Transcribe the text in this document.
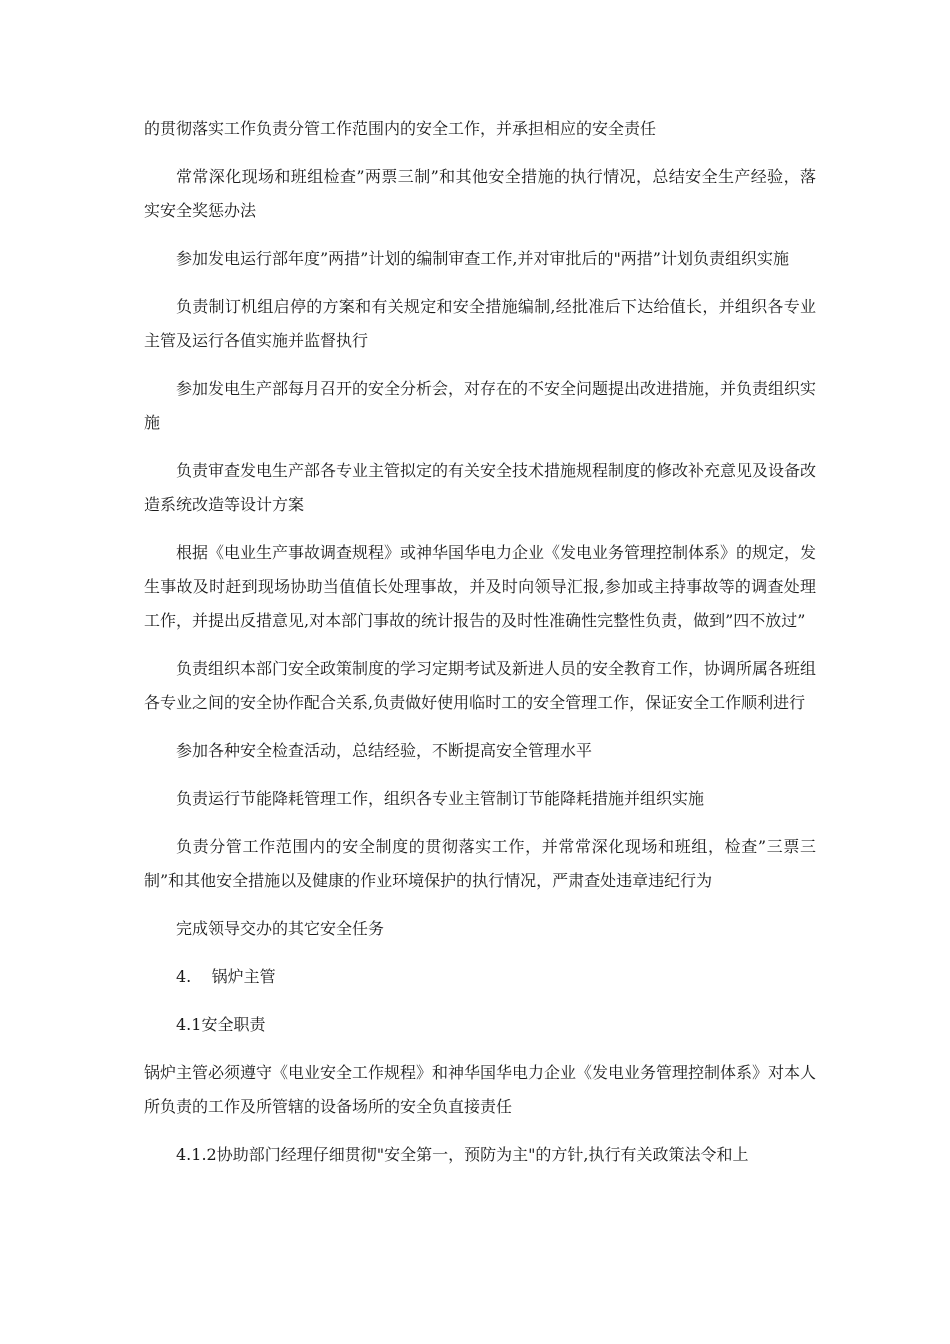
的贯彻落实工作负责分管工作范围内的安全工作，并承担相应的安全责任

常常深化现场和班组检查”两票三制”和其他安全措施的执行情况，总结安全生产经验，落实安全奖惩办法

参加发电运行部年度”两措”计划的编制审查工作,并对审批后的"两措”计划负责组织实施

负责制订机组启停的方案和有关规定和安全措施编制,经批准后下达给值长，并组织各专业主管及运行各值实施并监督执行

参加发电生产部每月召开的安全分析会，对存在的不安全问题提出改进措施，并负责组织实施

负责审查发电生产部各专业主管拟定的有关安全技术措施规程制度的修改补充意见及设备改造系统改造等设计方案

根据《电业生产事故调查规程》或神华国华电力企业《发电业务管理控制体系》的规定，发生事故及时赶到现场协助当值值长处理事故，并及时向领导汇报,参加或主持事故等的调查处理工作，并提出反措意见,对本部门事故的统计报告的及时性准确性完整性负责，做到”四不放过”

负责组织本部门安全政策制度的学习定期考试及新进人员的安全教育工作，协调所属各班组各专业之间的安全协作配合关系,负责做好使用临时工的安全管理工作，保证安全工作顺利进行

参加各种安全检查活动，总结经验，不断提高安全管理水平

负责运行节能降耗管理工作，组织各专业主管制订节能降耗措施并组织实施

负责分管工作范围内的安全制度的贯彻落实工作，并常常深化现场和班组，检查”三票三制”和其他安全措施以及健康的作业环境保护的执行情况，严肃查处违章违纪行为

完成领导交办的其它安全任务

4.    锅炉主管

4.1安全职责

锅炉主管必须遵守《电业安全工作规程》和神华国华电力企业《发电业务管理控制体系》对本人所负责的工作及所管辖的设备场所的安全负直接责任

4.1.2协助部门经理仔细贯彻"安全第一，预防为主"的方针,执行有关政策法令和上
